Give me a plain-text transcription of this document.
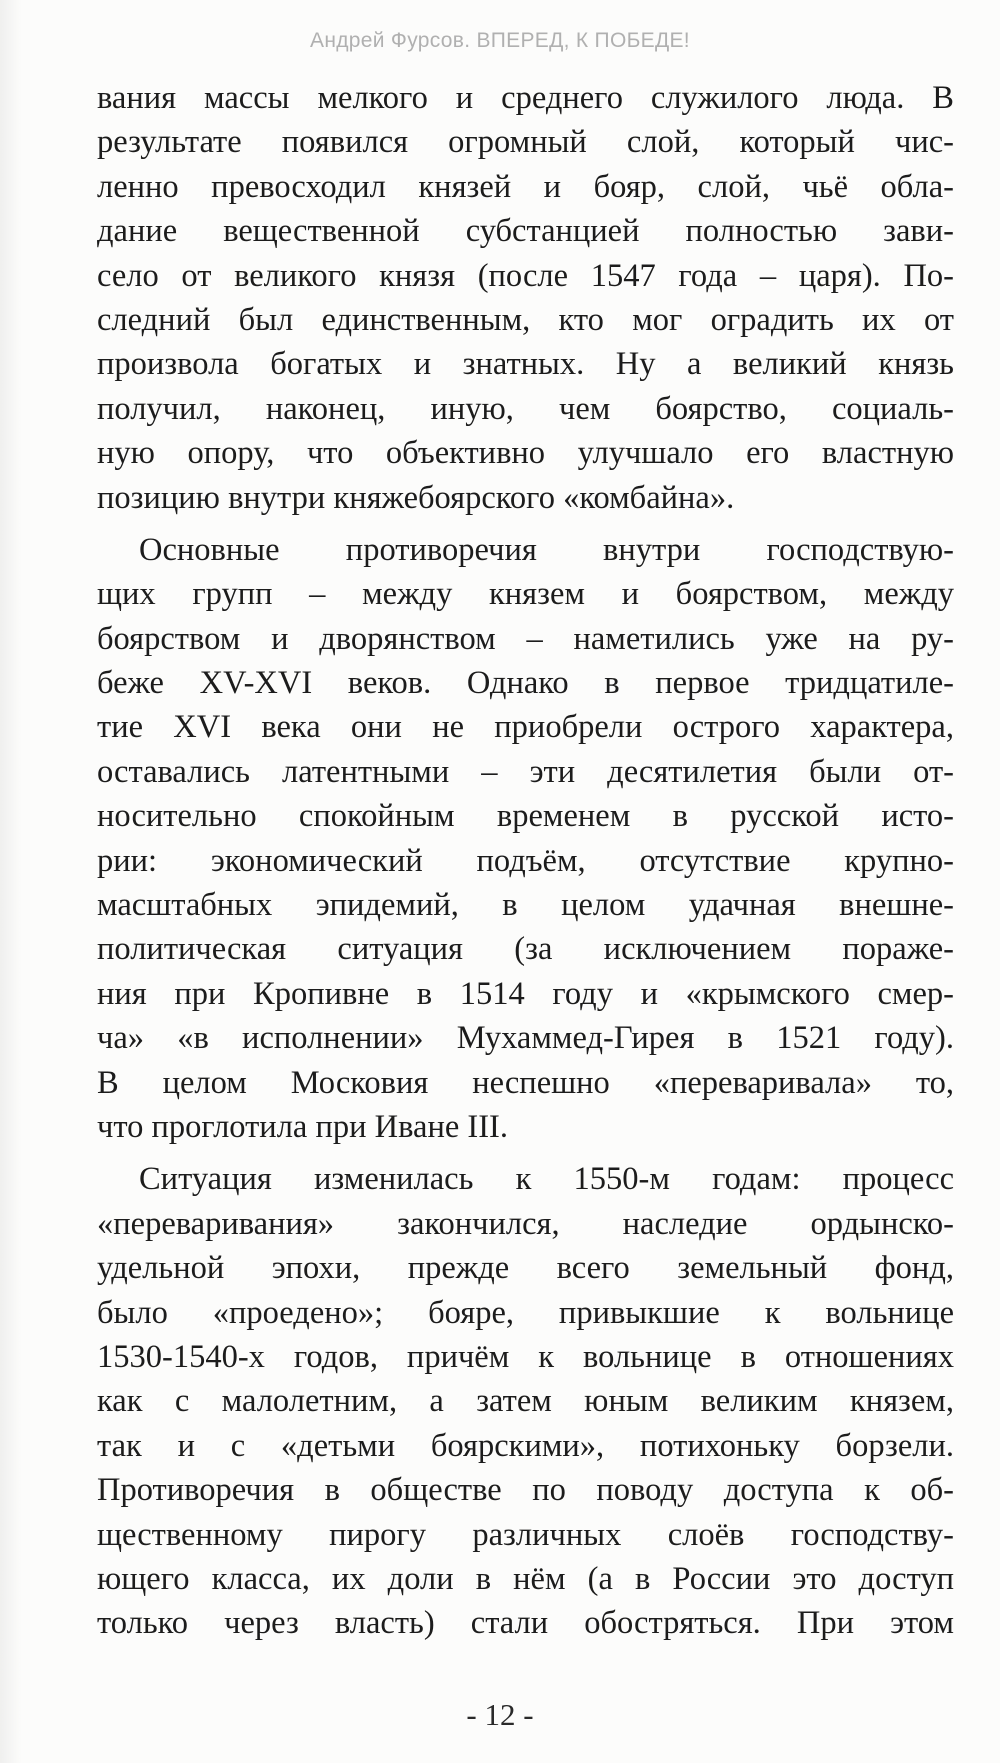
Андрей Фурсов. ВПЕРЕД, К ПОБЕДЕ!
вания массы мелкого и среднего служилого люда. В
результате появился огромный слой, который чис-
ленно превосходил князей и бояр, слой, чьё обла-
дание вещественной субстанцией полностью зави-
село от великого князя (после 1547 года – царя). По-
следний был единственным, кто мог оградить их от
произвола богатых и знатных. Ну а великий князь
получил, наконец, иную, чем боярство, социаль-
ную опору, что объективно улучшало его властную
позицию внутри княжебоярского «комбайна».
Основные противоречия внутри господствую-
щих групп – между князем и боярством, между
боярством и дворянством – наметились уже на ру-
беже XV-XVI веков. Однако в первое тридцатиле-
тие XVI века они не приобрели острого характера,
оставались латентными – эти десятилетия были от-
носительно спокойным временем в русской исто-
рии: экономический подъём, отсутствие крупно-
масштабных эпидемий, в целом удачная внешне-
политическая ситуация (за исключением пораже-
ния при Кропивне в 1514 году и «крымского смер-
ча» «в исполнении» Мухаммед-Гирея в 1521 году).
В целом Московия неспешно «переваривала» то,
что проглотила при Иване III.
Ситуация изменилась к 1550-м годам: процесс
«переваривания» закончился, наследие ордынско-
удельной эпохи, прежде всего земельный фонд,
было «проедено»; бояре, привыкшие к вольнице
1530-1540-х годов, причём к вольнице в отношениях
как с малолетним, а затем юным великим князем,
так и с «детьми боярскими», потихоньку борзели.
Противоречия в обществе по поводу доступа к об-
щественному пирогу различных слоёв господству-
ющего класса, их доли в нём (а в России это доступ
только через власть) стали обостряться. При этом
- 12 -
